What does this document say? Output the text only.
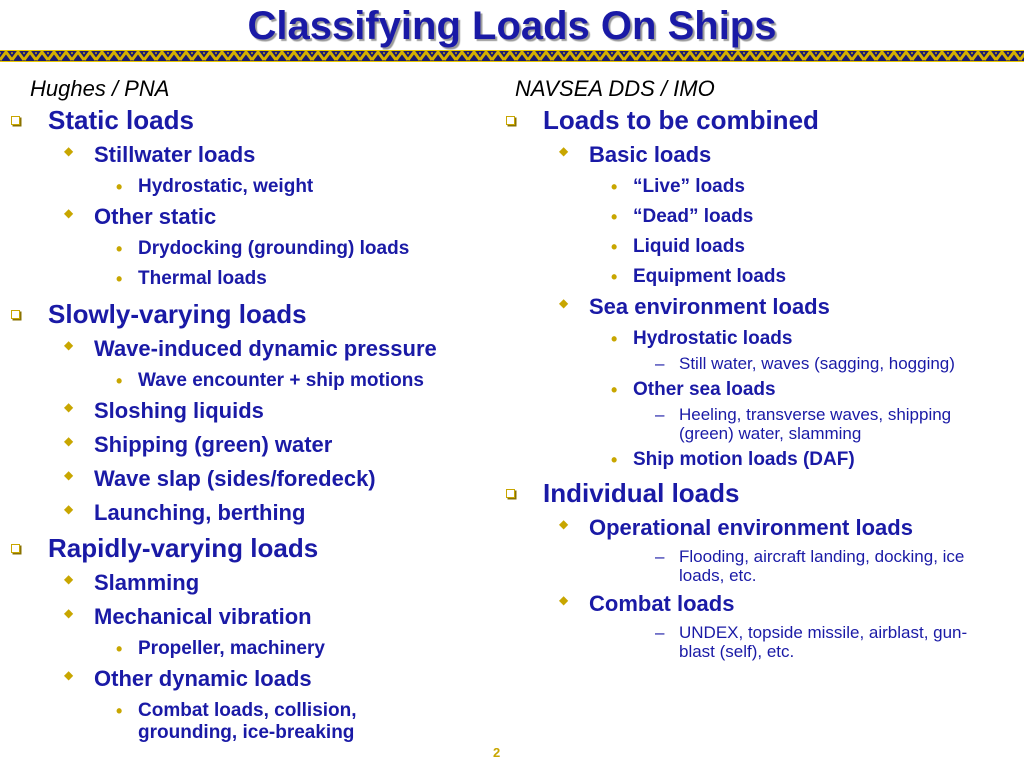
Classifying Loads On Ships
Hughes / PNA
Static loads
◆ Stillwater loads
• Hydrostatic, weight
◆ Other static
• Drydocking (grounding) loads
• Thermal loads
Slowly-varying loads
◆ Wave-induced dynamic pressure
• Wave encounter + ship motions
◆ Sloshing liquids
◆ Shipping (green) water
◆ Wave slap (sides/foredeck)
◆ Launching, berthing
Rapidly-varying loads
◆ Slamming
◆ Mechanical vibration
• Propeller, machinery
◆ Other dynamic loads
• Combat loads, collision, grounding, ice-breaking
NAVSEA DDS / IMO
Loads to be combined
◆ Basic loads
• “Live” loads
• “Dead” loads
• Liquid loads
• Equipment loads
◆ Sea environment loads
• Hydrostatic loads
– Still water, waves (sagging, hogging)
• Other sea loads
– Heeling, transverse waves, shipping (green) water, slamming
• Ship motion loads (DAF)
Individual loads
◆ Operational environment loads
– Flooding, aircraft landing, docking, ice loads, etc.
◆ Combat loads
– UNDEX, topside missile, airblast, gun-blast (self), etc.
2
